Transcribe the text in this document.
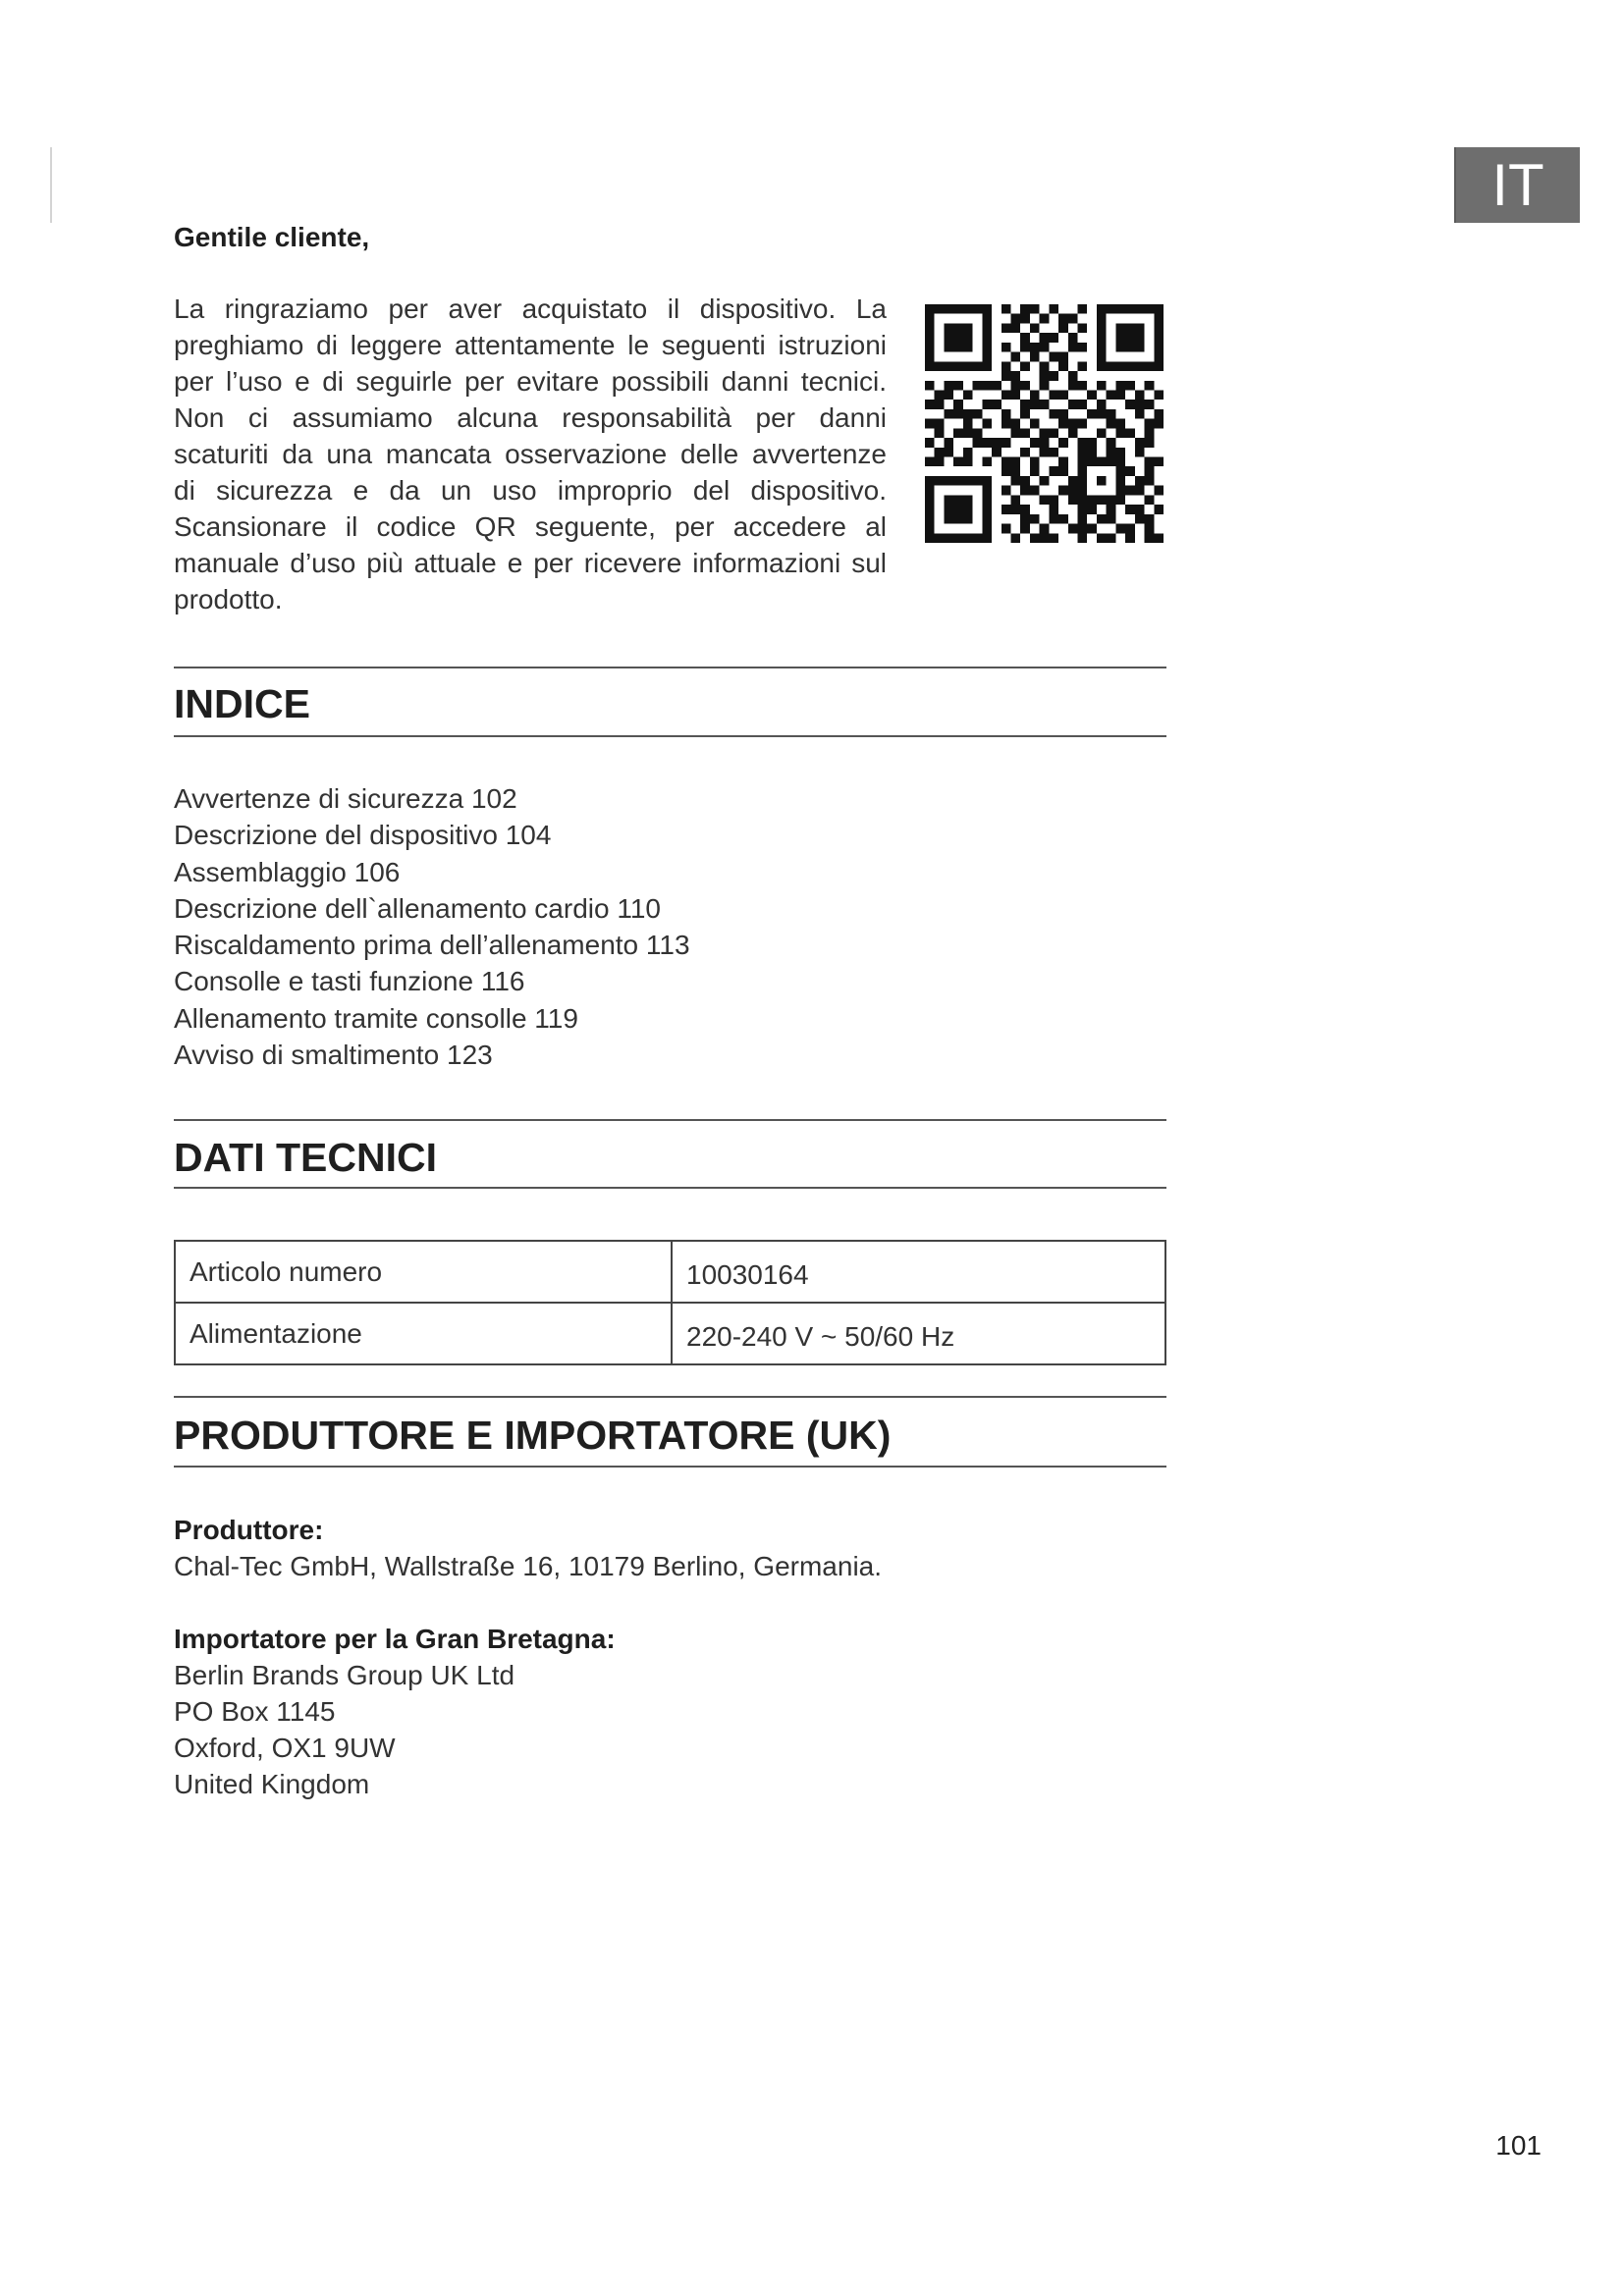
IT
Gentile cliente,
La ringraziamo per aver acquistato il dispositivo. La
preghiamo di leggere attentamente le seguenti istruzioni
per l’uso e di seguirle per evitare possibili danni tecnici.
Non ci assumiamo alcuna responsabilità per danni
scaturiti da una mancata osservazione delle avvertenze
di sicurezza e da un uso improprio del dispositivo.
Scansionare il codice QR seguente, per accedere al
manuale d’uso più attuale e per ricevere informazioni sul
prodotto.
INDICE
Avvertenze di sicurezza 102
Descrizione del dispositivo 104
Assemblaggio 106
Descrizione dell`allenamento cardio 110
Riscaldamento prima dell’allenamento 113
Consolle e tasti funzione 116
Allenamento tramite consolle 119
Avviso di smaltimento 123
DATI TECNICI
Articolo numero	10030164
Alimentazione	220-240 V ~ 50/60 Hz
PRODUTTORE E IMPORTATORE (UK)
Produttore:
Chal-Tec GmbH, Wallstraße 16, 10179 Berlino, Germania.
Importatore per la Gran Bretagna:
Berlin Brands Group UK Ltd
PO Box 1145
Oxford, OX1 9UW
United Kingdom
101
